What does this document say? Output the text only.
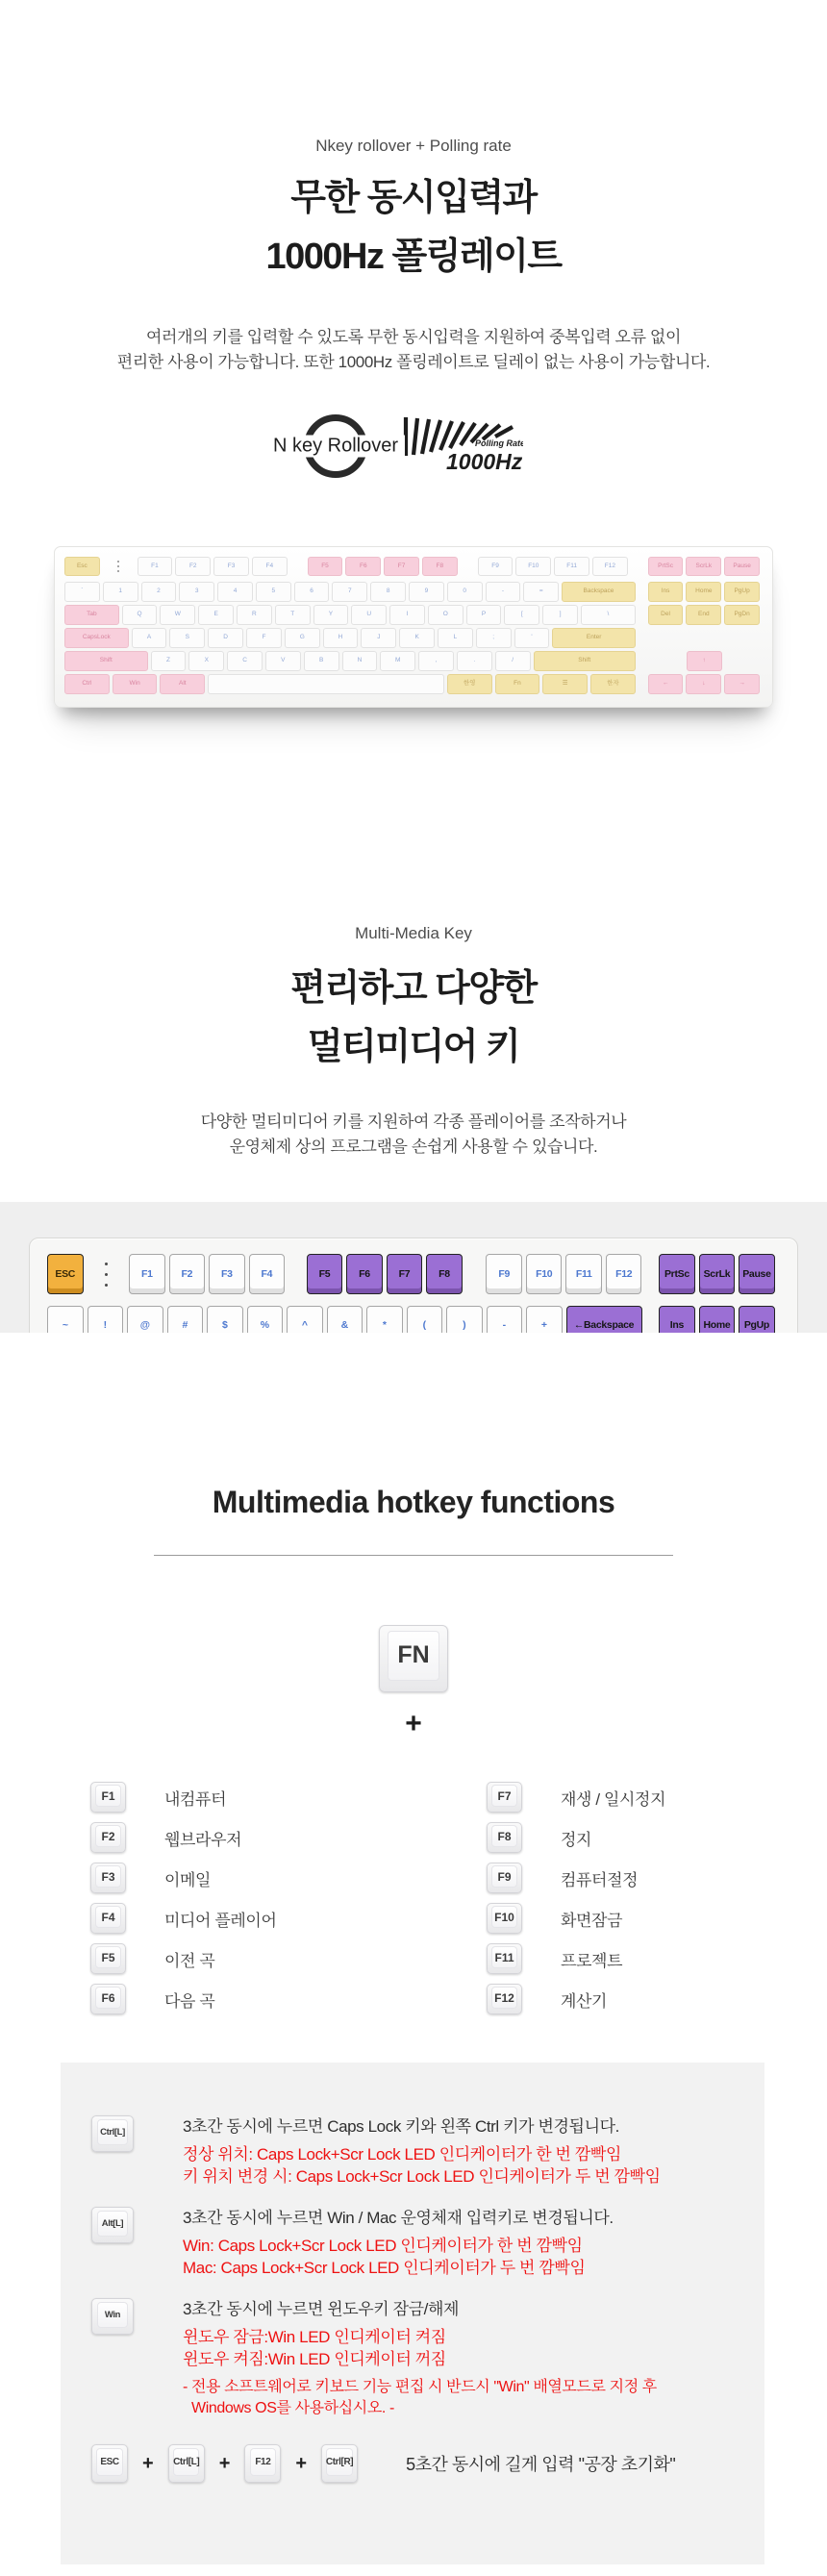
Nkey rollover + Polling rate
무한 동시입력과
1000Hz 폴링레이트
여러개의 키를 입력할 수 있도록 무한 동시입력을 지원하여 중복입력 오류 없이
편리한 사용이 가능합니다. 또한 1000Hz 폴링레이트로 딜레이 없는 사용이 가능합니다.
N key Rollover	Polling Rate
1000Hz
Esc	F1	F2	F3	F4	F5	F6	F7	F8	F9	F10	F11	F12	PrtSc	ScrLk	Pause
`	1	2	3	4	5	6	7	8	9	0	-	=	Backspace	Ins	Home	PgUp
Tab	Q	W	E	R	T	Y	U	I	O	P	[	]	\	Del	End	PgDn
CapsLock	A	S	D	F	G	H	J	K	L	;	'	Enter
Shift	Z	X	C	V	B	N	M	,	.	/	Shift	↑
Ctrl	Win	Alt	한영	Fn	☰	한자	←	↓	→
Multi-Media Key
편리하고 다양한
멀티미디어 키
다양한 멀티미디어 키를 지원하여 각종 플레이어를 조작하거나
운영체제 상의 프로그램을 손쉽게 사용할 수 있습니다.
ESC	F1	F2	F3	F4	F5	F6	F7	F8	F9	F10	F11	F12	PrtSc	ScrLk	Pause
~	!	@	#	$	%	^	&	*	(	)	-	+	←Backspace	Ins	Home	PgUp
Multimedia hotkey functions
FN
+
F1	내컴퓨터
F2	웹브라우저
F3	이메일
F4	미디어 플레이어
F5	이전 곡
F6	다음 곡
F7	재생 / 일시정지
F8	정지
F9	컴퓨터절정
F10	화면잠금
F11	프로젝트
F12	계산기
Ctrl[L]	3초간 동시에 누르면 Caps Lock 키와 왼쪽 Ctrl 키가 변경됩니다.
정상 위치: Caps Lock+Scr Lock LED 인디케이터가 한 번 깜빡임
키 위치 변경 시: Caps Lock+Scr Lock LED 인디케이터가 두 번 깜빡임
Alt[L]	3초간 동시에 누르면 Win / Mac 운영체재 입력키로 변경됩니다.
Win: Caps Lock+Scr Lock LED 인디케이터가 한 번 깜빡임
Mac: Caps Lock+Scr Lock LED 인디케이터가 두 번 깜빡임
Win	3초간 동시에 누르면 윈도우키 잠금/해제
윈도우 잠금:Win LED 인디케이터 켜짐
윈도우 켜짐:Win LED 인디케이터 꺼짐
- 전용 소프트웨어로 키보드 기능 편집 시 반드시 "Win" 배열모드로 지정 후
Windows OS를 사용하십시오. -
ESC + Ctrl[L] +	F12 + Ctrl[R]	5초간 동시에 길게 입력 "공장 초기화"
